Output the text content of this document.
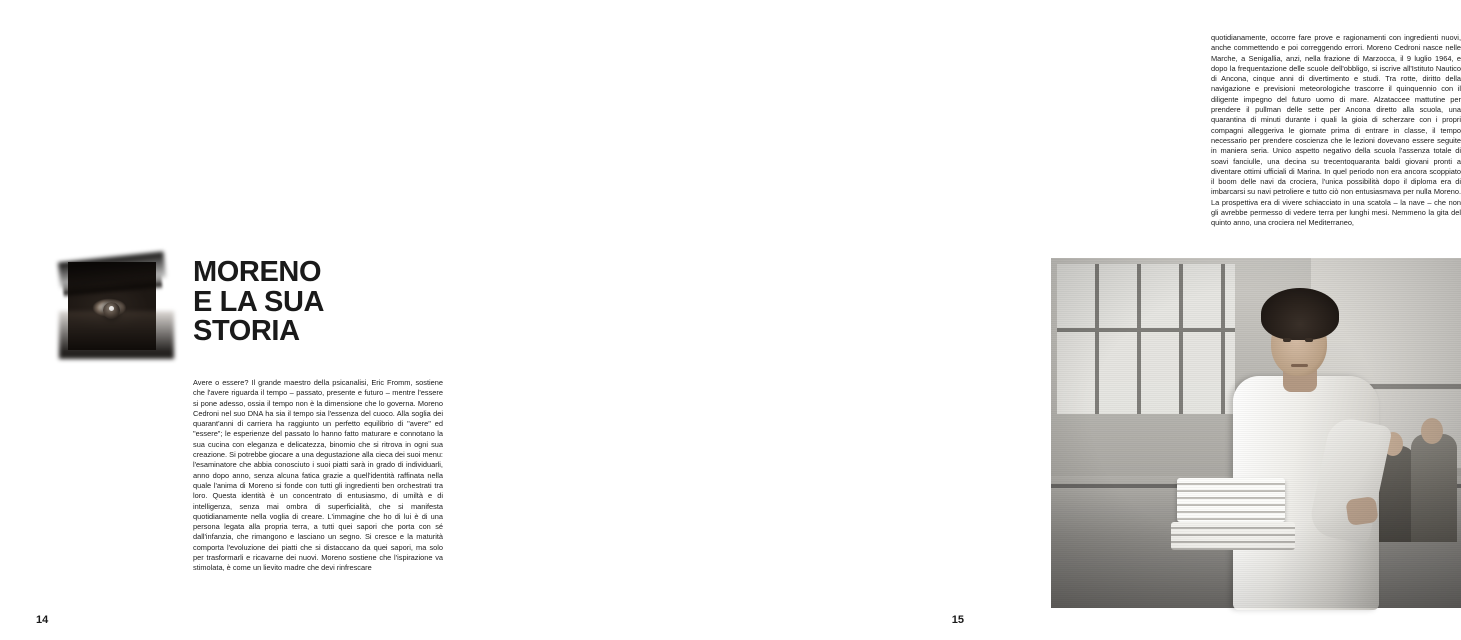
MORENO
E LA SUA
STORIA

Avere o essere? Il grande maestro della psicanalisi, Eric Fromm, sostiene che l'avere riguarda il tempo – passato, presente e futuro – mentre l'essere si pone adesso, ossia il tempo non è la dimensione che lo governa. Moreno Cedroni nel suo DNA ha sia il tempo sia l'essenza del cuoco. Alla soglia dei quarant'anni di carriera ha raggiunto un perfetto equilibrio di "avere" ed "essere"; le esperienze del passato lo hanno fatto maturare e connotano la sua cucina con eleganza e delicatezza, binomio che si ritrova in ogni sua creazione. Si potrebbe giocare a una degustazione alla cieca dei suoi menu: l'esaminatore che abbia conosciuto i suoi piatti sarà in grado di individuarli, anno dopo anno, senza alcuna fatica grazie a quell'identità raffinata nella quale l'anima di Moreno si fonde con tutti gli ingredienti ben orchestrati tra loro. Questa identità è un concentrato di entusiasmo, di umiltà e di intelligenza, senza mai ombra di superficialità, che si manifesta quotidianamente nella voglia di creare. L'immagine che ho di lui è di una persona legata alla propria terra, a tutti quei sapori che porta con sé dall'infanzia, che rimangono e lasciano un segno. Si cresce e la maturità comporta l'evoluzione dei piatti che si distaccano da quei sapori, ma solo per trasformarli e ricavarne dei nuovi. Moreno sostiene che l'ispirazione va stimolata, è come un lievito madre che devi rinfrescare

14

quotidianamente, occorre fare prove e ragionamenti con ingredienti nuovi, anche commettendo e poi correggendo errori. Moreno Cedroni nasce nelle Marche, a Senigallia, anzi, nella frazione di Marzocca, il 9 luglio 1964, e dopo la frequentazione delle scuole dell'obbligo, si iscrive all'Istituto Nautico di Ancona, cinque anni di divertimento e studi. Tra rotte, diritto della navigazione e previsioni meteorologiche trascorre il quinquennio con il diligente impegno del futuro uomo di mare. Alzataccee mattutine per prendere il pullman delle sette per Ancona diretto alla scuola, una quarantina di minuti durante i quali la gioia di scherzare con i propri compagni alleggeriva le giornate prima di entrare in classe, il tempo necessario per prendere coscienza che le lezioni dovevano essere seguite in maniera seria. Unico aspetto negativo della scuola l'assenza totale di soavi fanciulle, una decina su trecentoquaranta baldi giovani pronti a diventare ottimi ufficiali di Marina. In quel periodo non era ancora scoppiato il boom delle navi da crociera, l'unica possibilità dopo il diploma era di imbarcarsi su navi petroliere e tutto ciò non entusiasmava per nulla Moreno. La prospettiva era di vivere schiacciato in una scatola – la nave – che non gli avrebbe permesso di vedere terra per lunghi mesi. Nemmeno la gita del quinto anno, una crociera nel Mediterraneo,

15
